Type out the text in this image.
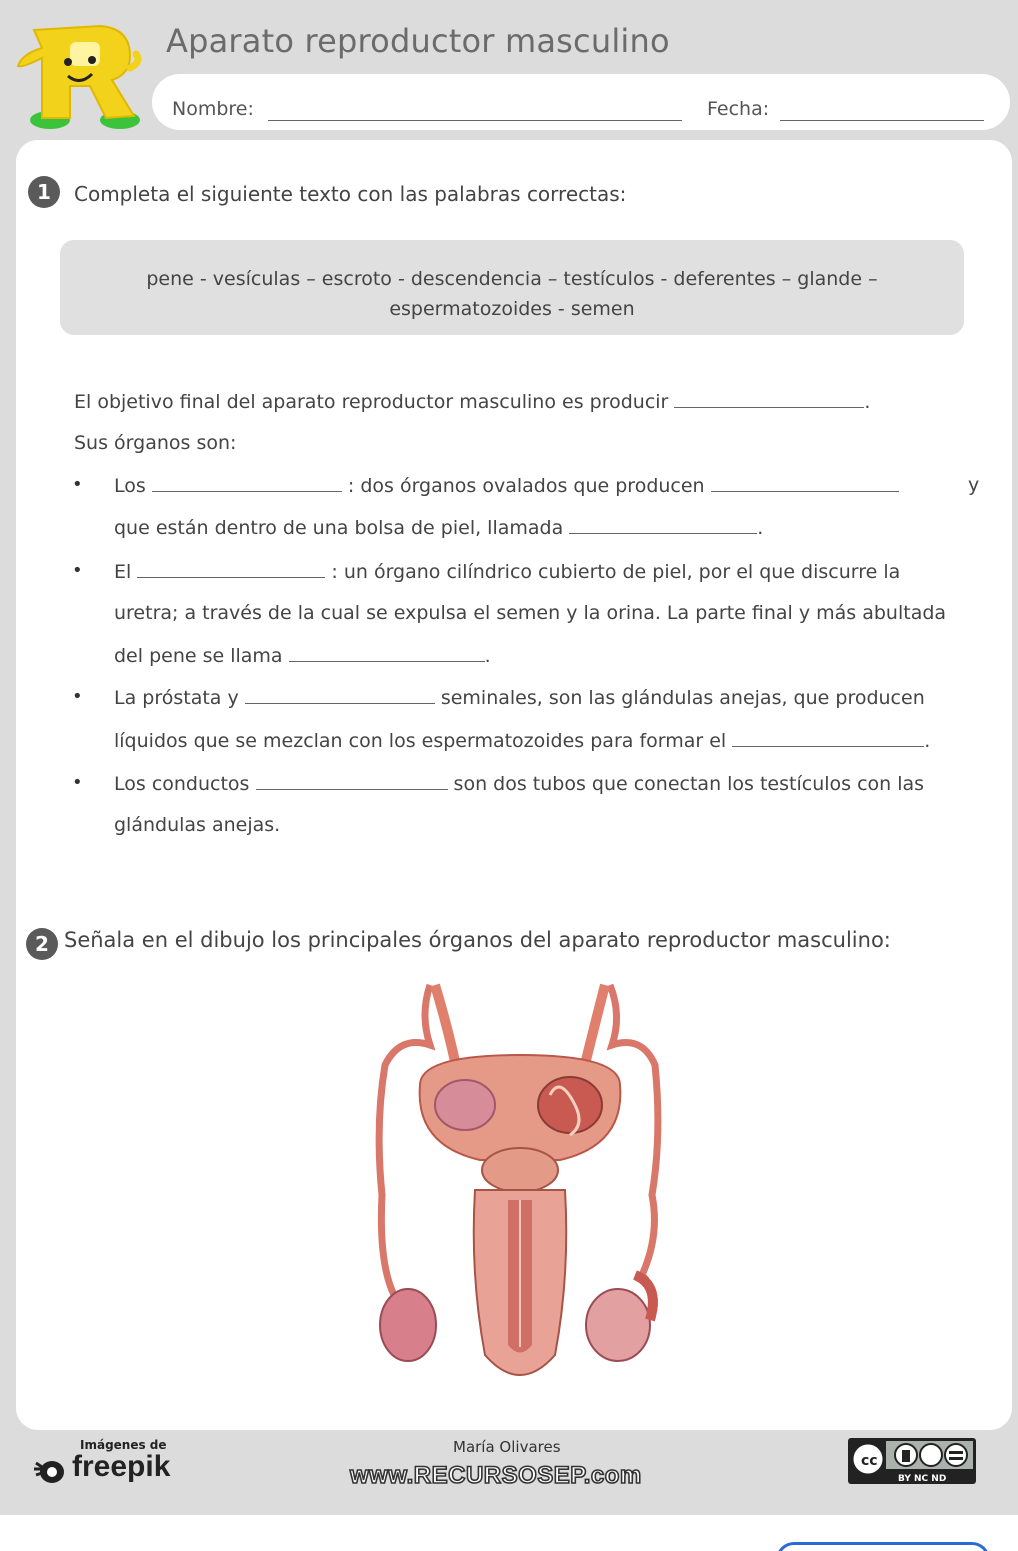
Aparato reproductor masculino
Nombre:	Fecha:
1	Completa el siguiente texto con las palabras correctas:
pene - vesículas – escroto - descendencia – testículos - deferentes – glande –
espermatozoides - semen
El objetivo final del aparato reproductor masculino es producir	.
Sus órganos son:
• Los	: dos órganos ovalados que producen	y
que están dentro de una bolsa de piel, llamada	.
• El	: un órgano cilíndrico cubierto de piel, por el que discurre la
uretra; a través de la cual se expulsa el semen y la orina. La parte final y más abultada
del pene se llama	.
• La próstata y	seminales, son las glándulas anejas, que producen
líquidos que se mezclan con los espermatozoides para formar el	.
• Los conductos	son dos tubos que conectan los testículos con las
glándulas anejas.
2 Señala en el dibujo los principales órganos del aparato reproductor masculino:
Imágenes de
freepik
María Olivares
www.RECURSOSEP.com
cc
BY NC ND
